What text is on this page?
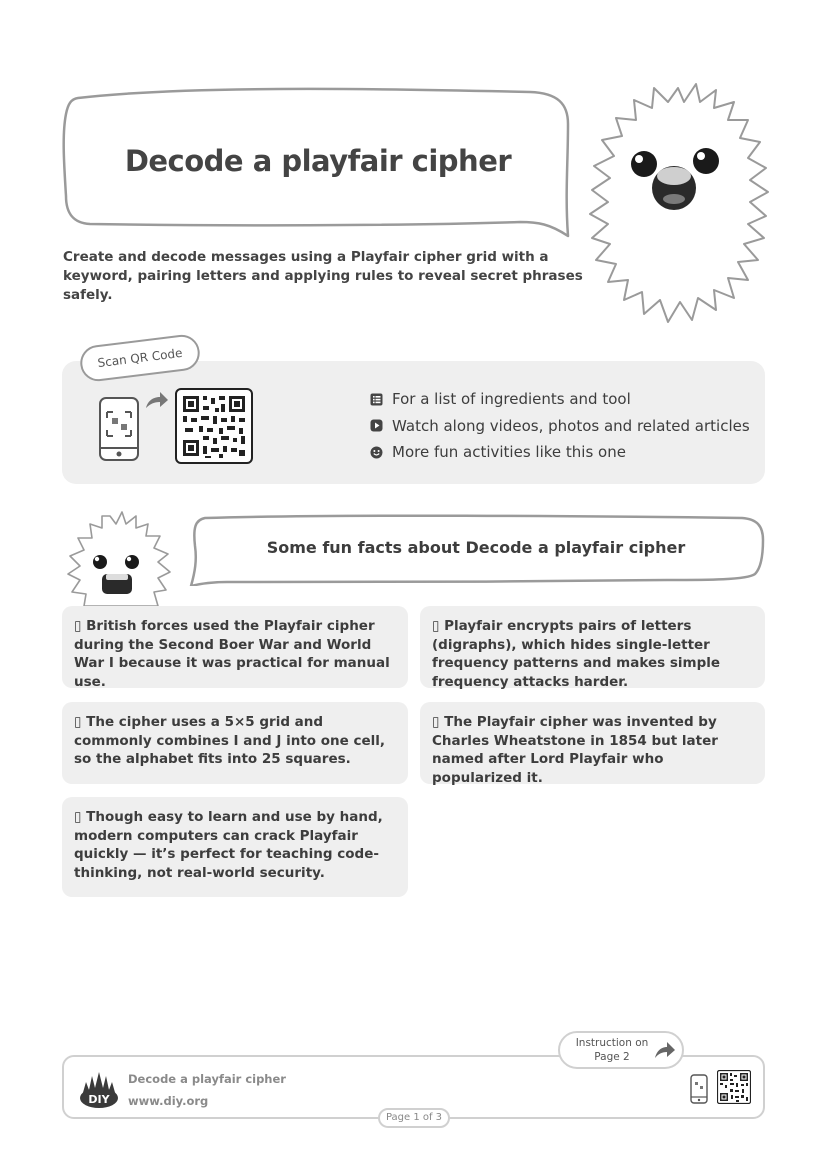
Decode a playfair cipher
Create and decode messages using a Playfair cipher grid with a keyword, pairing letters and applying rules to reveal secret phrases safely.
Scan QR Code
For a list of ingredients and tool
Watch along videos, photos and related articles
More fun activities like this one
Some fun facts about Decode a playfair cipher
▯ British forces used the Playfair cipher during the Second Boer War and World War I because it was practical for manual use.
▯ Playfair encrypts pairs of letters (digraphs), which hides single-letter frequency patterns and makes simple frequency attacks harder.
▯ The cipher uses a 5×5 grid and commonly combines I and J into one cell, so the alphabet fits into 25 squares.
▯ The Playfair cipher was invented by Charles Wheatstone in 1854 but later named after Lord Playfair who popularized it.
▯ Though easy to learn and use by hand, modern computers can crack Playfair quickly — it’s perfect for teaching code-thinking, not real-world security.
DIY
Decode a playfair cipher
www.diy.org
Page 1 of 3
Instruction on Page 2
